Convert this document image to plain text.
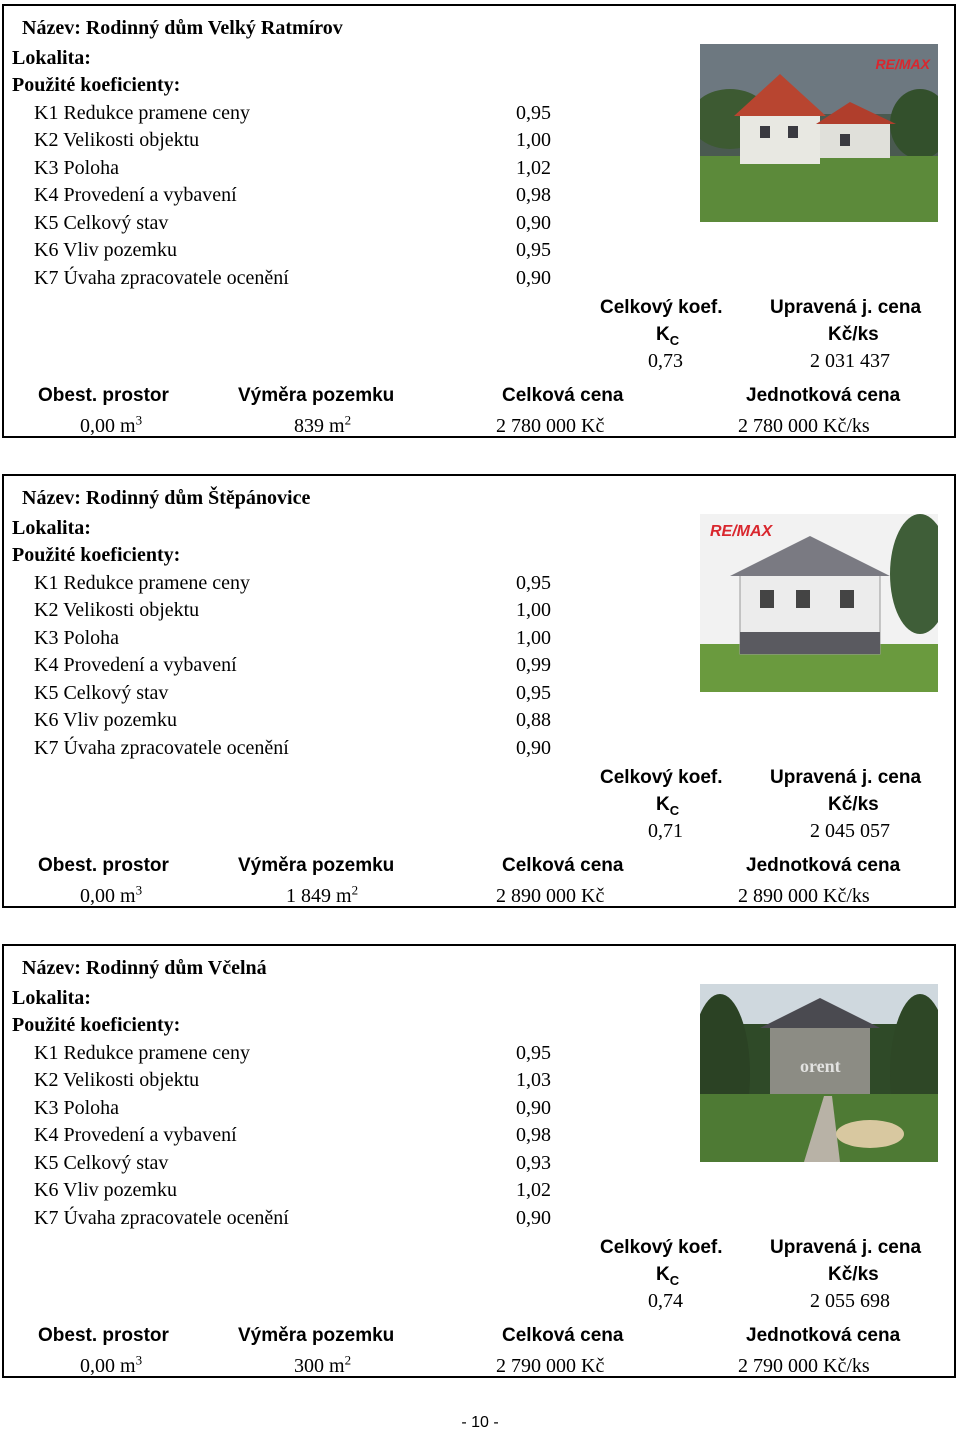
Název: Rodinný dům Velký Ratmírov
Lokalita:
Použité koeficienty:
K1 Redukce pramene ceny	0,95
K2 Velikosti objektu	1,00
K3 Poloha	1,02
K4 Provedení a vybavení	0,98
K5 Celkový stav	0,90
K6 Vliv pozemku	0,95
K7 Úvaha zpracovatele ocenění	0,90
RE/MAX
Celkový koef.	Upravená j. cena
$K_C$	Kč/ks
0,73	2 031 437
Obest. prostor	Výměra pozemku	Celková cena	Jednotková cena
0,00 $m^3$	839 $m^2$	2 780 000 Kč	2 780 000 Kč/ks
Název: Rodinný dům Štěpánovice
Lokalita:
Použité koeficienty:
K1 Redukce pramene ceny	0,95
K2 Velikosti objektu	1,00
K3 Poloha	1,00
K4 Provedení a vybavení	0,99
K5 Celkový stav	0,95
K6 Vliv pozemku	0,88
K7 Úvaha zpracovatele ocenění	0,90
RE/MAX
Celkový koef.	Upravená j. cena
$K_C$	Kč/ks
0,71	2 045 057
Obest. prostor	Výměra pozemku	Celková cena	Jednotková cena
0,00 $m^3$	1 849 $m^2$	2 890 000 Kč	2 890 000 Kč/ks
Název: Rodinný dům Včelná
Lokalita:
Použité koeficienty:
K1 Redukce pramene ceny	0,95
K2 Velikosti objektu	1,03
K3 Poloha	0,90
K4 Provedení a vybavení	0,98
K5 Celkový stav	0,93
K6 Vliv pozemku	1,02
K7 Úvaha zpracovatele ocenění	0,90
orent
Celkový koef.	Upravená j. cena
$K_C$	Kč/ks
0,74	2 055 698
Obest. prostor	Výměra pozemku	Celková cena	Jednotková cena
0,00 $m^3$	300 $m^2$	2 790 000 Kč	2 790 000 Kč/ks
- 10 -
